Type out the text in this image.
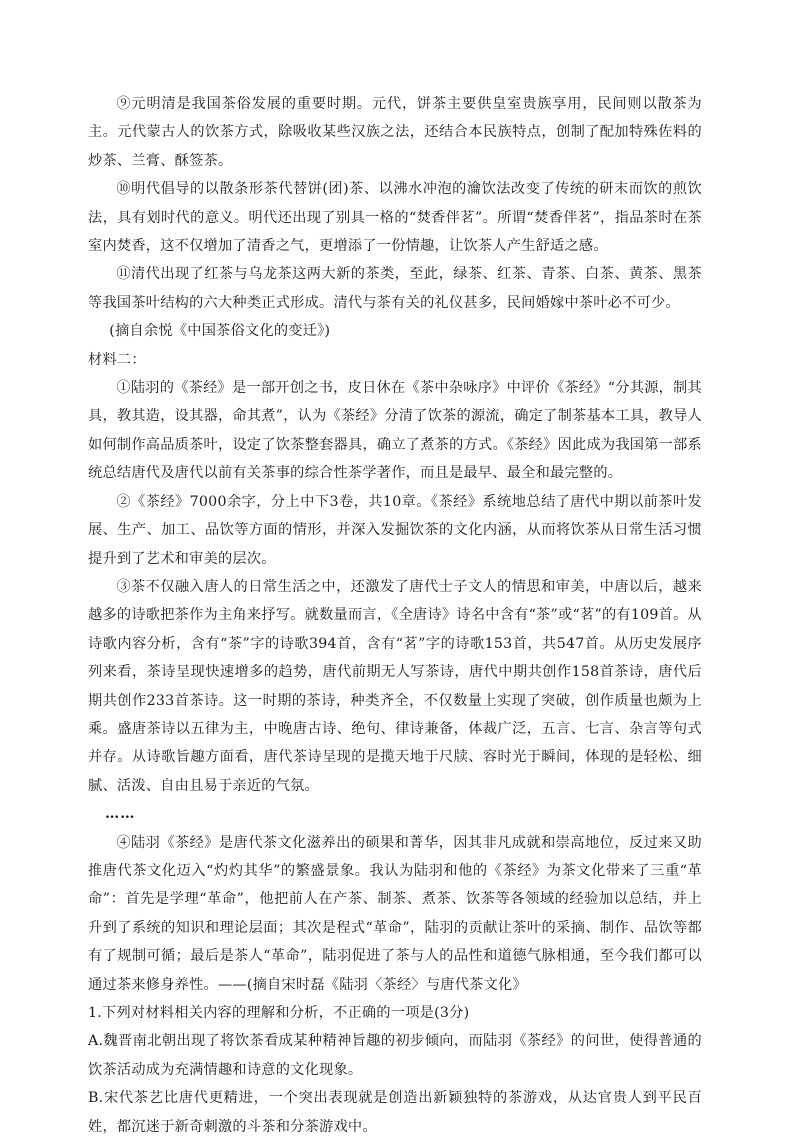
⑨元明清是我国茶俗发展的重要时期。元代，饼茶主要供皇室贵族享用，民间则以散茶为主。元代蒙古人的饮茶方式，除吸收某些汉族之法，还结合本民族特点，创制了配加特殊佐料的炒茶、兰膏、酥签茶。

⑩明代倡导的以散条形茶代替饼(团)茶、以沸水冲泡的瀹饮法改变了传统的研末而饮的煎饮法，具有划时代的意义。明代还出现了别具一格的“焚香伴茗”。所谓“焚香伴茗”，指品茶时在茶室内焚香，这不仅增加了清香之气，更增添了一份情趣，让饮茶人产生舒适之感。

⑪清代出现了红茶与乌龙茶这两大新的茶类，至此，绿茶、红茶、青茶、白茶、黄茶、黑茶等我国茶叶结构的六大种类正式形成。清代与茶有关的礼仪甚多，民间婚嫁中茶叶必不可少。

(摘自余悦《中国茶俗文化的变迁》)

材料二：

①陆羽的《茶经》是一部开创之书，皮日休在《茶中杂咏序》中评价《茶经》“分其源，制其具，教其造，设其器，命其煮”，认为《茶经》分清了饮茶的源流，确定了制茶基本工具，教导人如何制作高品质茶叶，设定了饮茶整套器具，确立了煮茶的方式。《茶经》因此成为我国第一部系统总结唐代及唐代以前有关茶事的综合性茶学著作，而且是最早、最全和最完整的。

②《茶经》7000余字，分上中下3卷，共10章。《茶经》系统地总结了唐代中期以前茶叶发展、生产、加工、品饮等方面的情形，并深入发掘饮茶的文化内涵，从而将饮茶从日常生活习惯提升到了艺术和审美的层次。

③茶不仅融入唐人的日常生活之中，还激发了唐代士子文人的情思和审美，中唐以后，越来越多的诗歌把茶作为主角来抒写。就数量而言，《全唐诗》诗名中含有“茶”或“茗”的有109首。从诗歌内容分析，含有“茶”字的诗歌394首，含有“茗”字的诗歌153首，共547首。从历史发展序列来看，茶诗呈现快速增多的趋势，唐代前期无人写茶诗，唐代中期共创作158首茶诗，唐代后期共创作233首茶诗。这一时期的茶诗，种类齐全，不仅数量上实现了突破，创作质量也颇为上乘。盛唐茶诗以五律为主，中晚唐古诗、绝句、律诗兼备，体裁广泛，五言、七言、杂言等句式并存。从诗歌旨趣方面看，唐代茶诗呈现的是揽天地于尺牍、容时光于瞬间，体现的是轻松、细腻、活泼、自由且易于亲近的气氛。

……

④陆羽《茶经》是唐代茶文化滋养出的硕果和菁华，因其非凡成就和崇高地位，反过来又助推唐代茶文化迈入“灼灼其华”的繁盛景象。我认为陆羽和他的《茶经》为茶文化带来了三重“革命”：首先是学理“革命”，他把前人在产茶、制茶、煮茶、饮茶等各领域的经验加以总结，并上升到了系统的知识和理论层面；其次是程式“革命”，陆羽的贡献让茶叶的采摘、制作、品饮等都有了规制可循；最后是茶人“革命”，陆羽促进了茶与人的品性和道德气脉相通，至今我们都可以通过茶来修身养性。——(摘自宋时磊《陆羽〈茶经〉与唐代茶文化》

1.下列对材料相关内容的理解和分析，不正确的一项是(3分)

A.魏晋南北朝出现了将饮茶看成某种精神旨趣的初步倾向，而陆羽《茶经》的问世，使得普通的饮茶活动成为充满情趣和诗意的文化现象。

B.宋代茶艺比唐代更精进，一个突出表现就是创造出新颖独特的茶游戏，从达官贵人到平民百姓，都沉迷于新奇刺激的斗茶和分茶游戏中。
